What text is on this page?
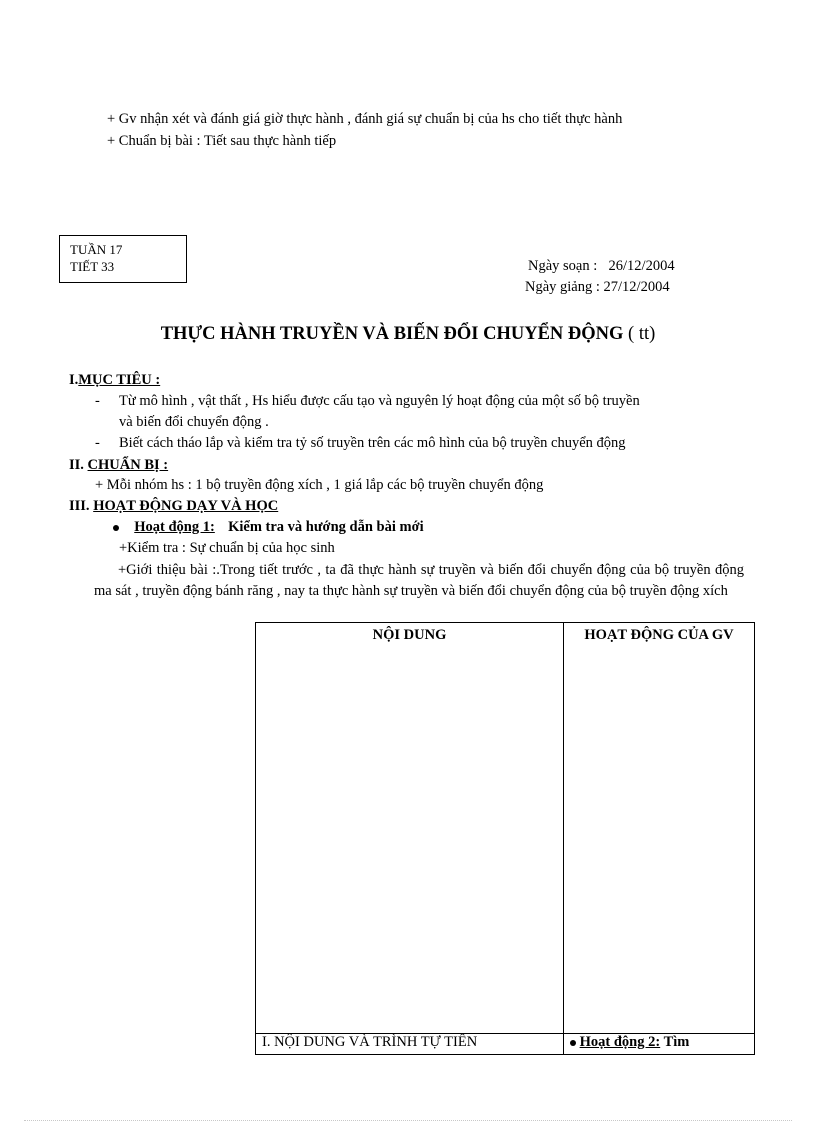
+ Gv nhận xét và đánh giá giờ thực hành , đánh giá sự chuẩn bị của hs cho tiết thực hành
+ Chuẩn bị bài : Tiết sau thực hành tiếp
TUẦN 17
TIẾT 33	Ngày soạn : 26/12/2004
Ngày giảng : 27/12/2004
THỰC HÀNH TRUYỀN VÀ BIẾN ĐỔI CHUYỂN ĐỘNG ( tt)
I.MỤC TIÊU :
- Từ mô hình , vật thất , Hs hiểu được cấu tạo và nguyên lý hoạt động của một số bộ truyền
và biến đổi chuyển động .
- Biết cách tháo lắp và kiểm tra tỷ số truyền trên các mô hình của bộ truyền chuyển động
II. CHUẨN BỊ :
+ Mỗi nhóm hs : 1 bộ truyền động xích , 1 giá lắp các bộ truyền chuyển động
III. HOẠT ĐỘNG DẠY VÀ HỌC
Hoạt động 1: Kiểm tra và hướng dẫn bài mới
+Kiểm tra : Sự chuẩn bị của học sinh
+Giới thiệu bài :.Trong tiết trước , ta đã thực hành sự truyền và biến đổi chuyển động của bộ truyền động ma sát , truyền động bánh răng , nay ta thực hành sự truyền và biến đổi chuyển động của bộ truyền động xích
NỘI DUNG	HOẠT ĐỘNG CỦA GV
I. NỘI DUNG VÀ TRÌNH TỰ TIẾN	Hoạt động 2: Tìm
